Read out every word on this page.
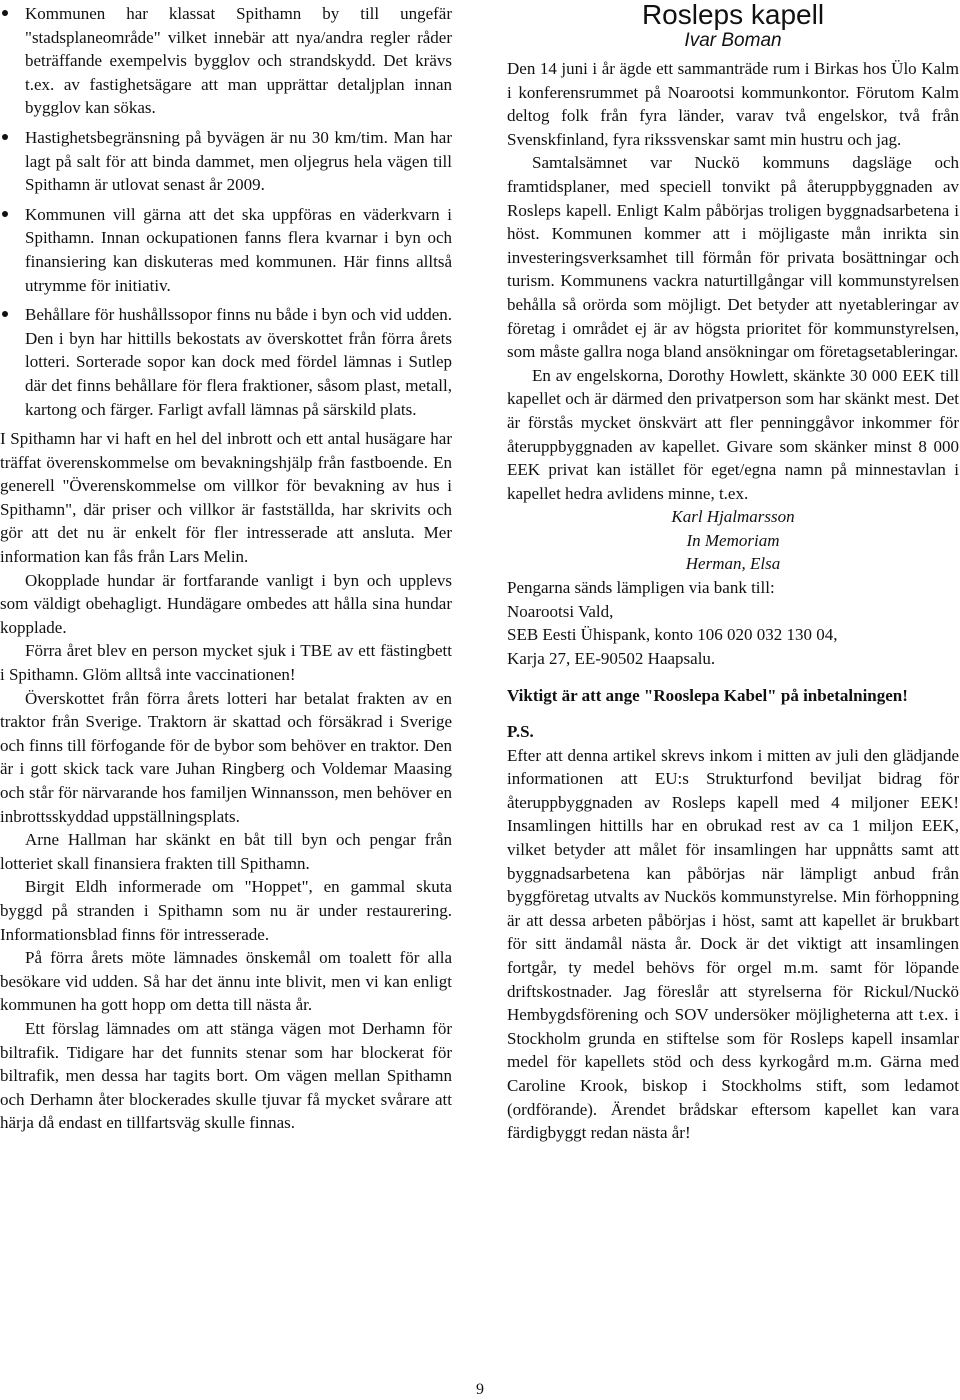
Kommunen har klassat Spithamn by till ungefär "stadsplaneområde" vilket innebär att nya/andra regler råder beträffande exempelvis bygglov och strandskydd. Det krävs t.ex. av fastighetsägare att man upprättar detaljplan innan bygglov kan sökas.
Hastighetsbegränsning på byvägen är nu 30 km/tim. Man har lagt på salt för att binda dammet, men oljegrus hela vägen till Spithamn är utlovat senast år 2009.
Kommunen vill gärna att det ska uppföras en väderkvarn i Spithamn. Innan ockupationen fanns flera kvarnar i byn och finansiering kan diskuteras med kommunen. Här finns alltså utrymme för initiativ.
Behållare för hushållssopor finns nu både i byn och vid udden. Den i byn har hittills bekostats av överskottet från förra årets lotteri. Sorterade sopor kan dock med fördel lämnas i Sutlep där det finns behållare för flera fraktioner, såsom plast, metall, kartong och färger. Farligt avfall lämnas på särskild plats.

I Spithamn har vi haft en hel del inbrott och ett antal husägare har träffat överenskommelse om bevakningshjälp från fastboende. En generell "Överenskommelse om villkor för bevakning av hus i Spithamn", där priser och villkor är fastställda, har skrivits och gör att det nu är enkelt för fler intresserade att ansluta. Mer information kan fås från Lars Melin.

Okopplade hundar är fortfarande vanligt i byn och upplevs som väldigt obehagligt. Hundägare ombedes att hålla sina hundar kopplade.

Förra året blev en person mycket sjuk i TBE av ett fästingbett i Spithamn. Glöm alltså inte vaccinationen!

Överskottet från förra årets lotteri har betalat frakten av en traktor från Sverige. Traktorn är skattad och försäkrad i Sverige och finns till förfogande för de bybor som behöver en traktor. Den är i gott skick tack vare Juhan Ringberg och Voldemar Maasing och står för närvarande hos familjen Winnansson, men behöver en inbrottsskyddad uppställningsplats.

Arne Hallman har skänkt en båt till byn och pengar från lotteriet skall finansiera frakten till Spithamn.

Birgit Eldh informerade om "Hoppet", en gammal skuta byggd på stranden i Spithamn som nu är under restaurering. Informationsblad finns för intresserade.

På förra årets möte lämnades önskemål om toalett för alla besökare vid udden. Så har det ännu inte blivit, men vi kan enligt kommunen ha gott hopp om detta till nästa år.

Ett förslag lämnades om att stänga vägen mot Derhamn för biltrafik. Tidigare har det funnits stenar som har blockerat för biltrafik, men dessa har tagits bort. Om vägen mellan Spithamn och Derhamn åter blockerades skulle tjuvar få mycket svårare att härja då endast en tillfartsväg skulle finnas.

Rosleps kapell
Ivar Boman

Den 14 juni i år ägde ett sammanträde rum i Birkas hos Ülo Kalm i konferensrummet på Noarootsi kommunkontor. Förutom Kalm deltog folk från fyra länder, varav två engelskor, två från Svenskfinland, fyra rikssvenskar samt min hustru och jag.

Samtalsämnet var Nuckö kommuns dagsläge och framtidsplaner, med speciell tonvikt på återuppbyggnaden av Rosleps kapell. Enligt Kalm påbörjas troligen byggnadsarbetena i höst. Kommunen kommer att i möjligaste mån inrikta sin investeringsverksamhet till förmån för privata bosättningar och turism. Kommunens vackra naturtillgångar vill kommunstyrelsen behålla så orörda som möjligt. Det betyder att nyetableringar av företag i området ej är av högsta prioritet för kommunstyrelsen, som måste gallra noga bland ansökningar om företagsetableringar.

En av engelskorna, Dorothy Howlett, skänkte 30 000 EEK till kapellet och är därmed den privatperson som har skänkt mest. Det är förstås mycket önskvärt att fler penninggåvor inkommer för återuppbyggnaden av kapellet. Givare som skänker minst 8 000 EEK privat kan istället för eget/egna namn på minnestavlan i kapellet hedra avlidens minne, t.ex.

Karl Hjalmarsson
In Memoriam
Herman, Elsa
Pengarna sänds lämpligen via bank till:
Noarootsi Vald,
SEB Eesti Ühispank, konto 106 020 032 130 04,
Karja 27, EE-90502 Haapsalu.

Viktigt är att ange "Rooslepa Kabel" på inbetalningen!

P.S.

Efter att denna artikel skrevs inkom i mitten av juli den glädjande informationen att EU:s Strukturfond beviljat bidrag för återuppbyggnaden av Rosleps kapell med 4 miljoner EEK! Insamlingen hittills har en obrukad rest av ca 1 miljon EEK, vilket betyder att målet för insamlingen har uppnåtts samt att byggnadsarbetena kan påbörjas när lämpligt anbud från byggföretag utvalts av Nuckös kommunstyrelse. Min förhoppning är att dessa arbeten påbörjas i höst, samt att kapellet är brukbart för sitt ändamål nästa år. Dock är det viktigt att insamlingen fortgår, ty medel behövs för orgel m.m. samt för löpande driftskostnader. Jag föreslår att styrelserna för Rickul/Nuckö Hembygdsförening och SOV undersöker möjligheterna att t.ex. i Stockholm grunda en stiftelse som för Rosleps kapell insamlar medel för kapellets stöd och dess kyrkogård m.m. Gärna med Caroline Krook, biskop i Stockholms stift, som ledamot (ordförande). Ärendet brådskar eftersom kapellet kan vara färdigbyggt redan nästa år!

9
